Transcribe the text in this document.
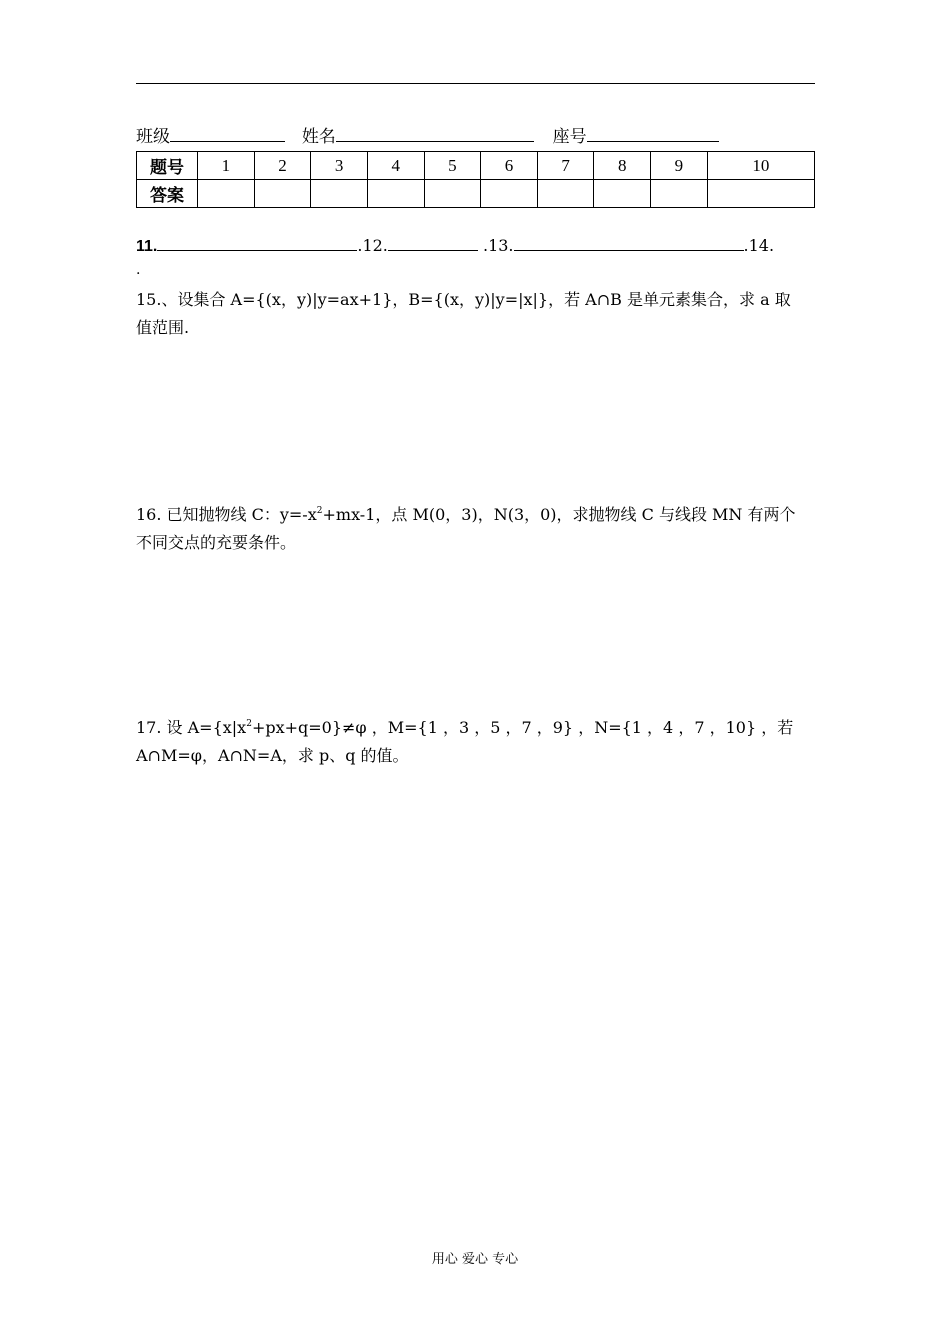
班级	姓名	座号
题号	1	2	3	4	5	6	7	8	9	10
答案										
11.	.12.	.13.	.14.
.
15.、设集合 A={(x，y)|y=ax+1}，B={(x，y)|y=|x|}，若 A∩B 是单元素集合，求 a 取
值范围.
16. 已知抛物线 C：$y=-x^2+mx-1$，点 M(0，3)，N(3，0)，求抛物线 C 与线段 MN 有两个
不同交点的充要条件。
17. 设 $A=\{x|x^2+px+q=0\}\ne\varphi$ ，M={1 ，3 ，5 ，7 ，9} ，N={1 ，4 ，7 ，10} ，若
A∩M=φ，A∩N=A，求 p、q 的值。
用心 爱心 专心
